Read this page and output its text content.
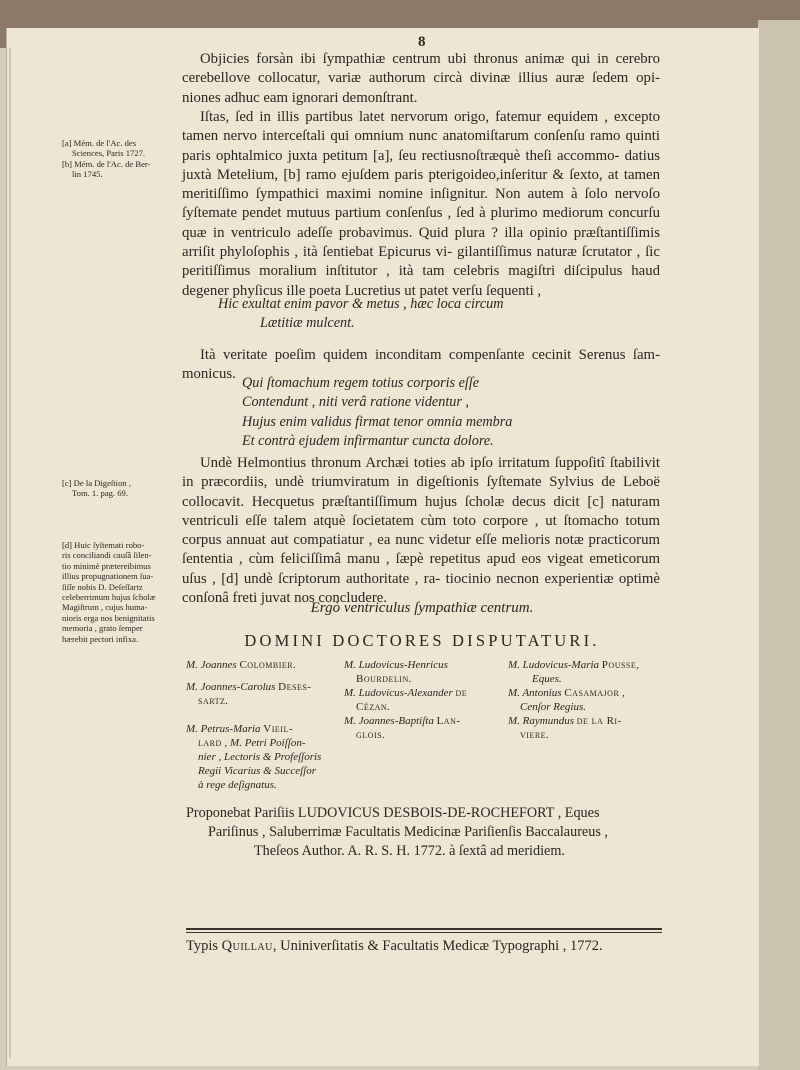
8

Objicies forsàn ibi ſympathiæ centrum ubi thronus animæ qui in cerebro cerebellove collocatur, variæ authorum circà divinæ illius auræ ſedem opi- niones adhuc eam ignorari demonſtrant.

Iſtas, ſed in illis partibus latet nervorum origo, fatemur equidem , excepto tamen nervo interceſtali qui omnium nunc anatomiſtarum conſenſu ramo quinti paris ophtalmico juxta petitum [a], ſeu rectiusnoſtræquè theſi accommo- datius juxtà Metelium, [b] ramo ejuſdem paris pterigoideo,inſeritur & ſexto, at tamen meritiſſimo ſympathici maximi nomine inſignitur. Non autem à ſolo nervoſo ſyſtemate pendet mutuus partium conſenſus , ſed à plurimo mediorum concurſu quæ in ventriculo adeſſe probavimus. Quid plura ? illa opinio præſtantiſſimis arriſit phyloſophis , ità ſentiebat Epicurus vi- gilantiſſimus naturæ ſcrutator , ſic peritiſſimus moralium inſtitutor , ità tam celebris magiſtri diſcipulus haud degener phyſicus ille poeta Lucretius ut patet verſu ſequenti ,

Hic exultat enim pavor & metus , hæc loca circum
Lætitiæ mulcent.

Ità veritate poeſim quidem inconditam compenſante cecinit Serenus ſam- monicus.

Qui ſtomachum regem totius corporis eſſe
Contendunt , niti verâ ratione videntur ,
Hujus enim validus firmat tenor omnia membra
Et contrà ejudem infirmantur cuncta dolore.

Undè Helmontius thronum Archæi toties ab ipſo irritatum ſuppoſitî ſtabilivit in præcordiis, undè triumviratum in digeſtionis ſyſtemate Sylvius de Leboë collocavit. Hecquetus præſtantiſſimum hujus ſcholæ decus dicit [c] naturam ventriculi eſſe talem atquè ſocietatem cùm toto corpore , ut ſtomacho totum corpus annuat aut compatiatur , ea nunc videtur eſſe melioris notæ practicorum ſententia , cùm feliciſſimâ manu , ſæpè repetitus apud eos vigeat emeticorum uſus , [d] undè ſcriptorum authoritate , ra- tiocinio necnon experientiæ optimè conſonâ freti juvat nos concludere.

[a] Mém. de l'Ac. des
Sciences, Paris 1727.
[b] Mém. de l'Ac. de Ber-
lin 1745.
[c] De la Digeſtion ,
Tom. 1. pag. 69.
[d] Huic ſyſtemati robo-
ris conciliandi cauſâ ſilen-
tio minimè prætereibimus
illius propugnationem ſua-
ſiſſe nobis D. Deſeſſartz
celeberrimum hujus ſcholæ
Magiſtrum , cujus huma-
nioris erga nos benignitatis
memoria , grato ſemper
hærebit pectori infixa.
Ergò ventriculus ſympathiæ centrum.
DOMINI DOCTORES DISPUTATURI.
M. Joannes Colombier.
M. Joannes-Carolus Deses-
sartz.
M. Petrus-Maria Vieil-
lard , M. Petri Poiſſon-
nier , Lectoris & Profeſſoris
Regii Vicarius & Succeſſor
à rege deſignatus.
M. Ludovicus-Henricus
Bourdelin.
M. Ludovicus-Alexander de
Cézan.
M. Joannes-Baptiſta Lan-
glois.
M. Ludovicus-Maria Pousse,
Eques.
M. Antonius Casamajor ,
Cenſor Regius.
M. Raymundus de la Ri-
viere.
Proponebat Pariſiis LUDOVICUS DESBOIS-DE-ROCHEFORT , Eques
Pariſinus , Saluberrimæ Facultatis Medicinæ Pariſienſis Baccalaureus ,
Theſeos Author. A. R. S. H. 1772. à ſextâ ad meridiem.
Typis Quillau, Uniniverſitatis & Facultatis Medicæ Typographi , 1772.
